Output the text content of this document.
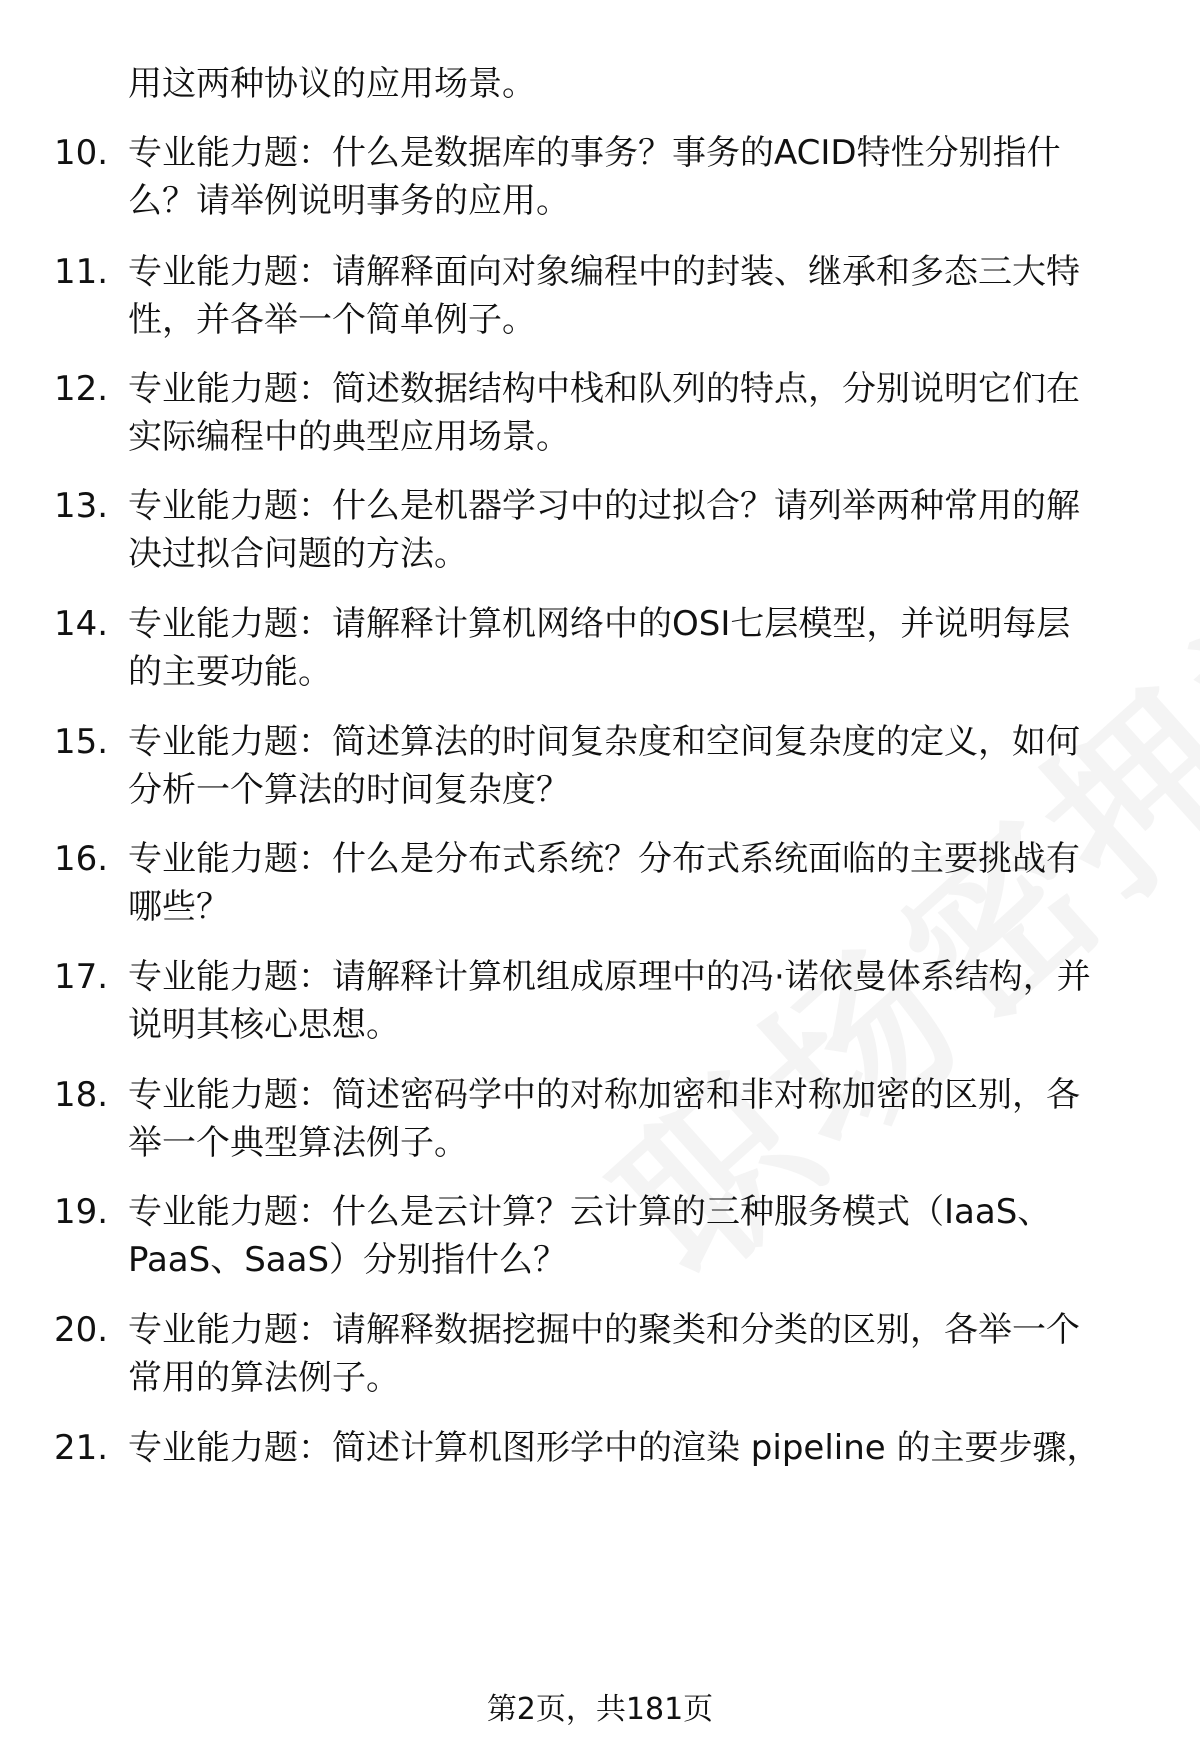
用这两种协议的应用场景。
10. 专业能力题：什么是数据库的事务？事务的ACID特性分别指什
么？请举例说明事务的应用。
11. 专业能力题：请解释面向对象编程中的封装、继承和多态三大特
性，并各举一个简单例子。
12. 专业能力题：简述数据结构中栈和队列的特点，分别说明它们在
实际编程中的典型应用场景。
13. 专业能力题：什么是机器学习中的过拟合？请列举两种常用的解
决过拟合问题的方法。
14. 专业能力题：请解释计算机网络中的OSI七层模型，并说明每层
的主要功能。
15. 专业能力题：简述算法的时间复杂度和空间复杂度的定义，如何
分析一个算法的时间复杂度？
16. 专业能力题：什么是分布式系统？分布式系统面临的主要挑战有
哪些？
17. 专业能力题：请解释计算机组成原理中的冯·诺依曼体系结构，并
说明其核心思想。
18. 专业能力题：简述密码学中的对称加密和非对称加密的区别，各
举一个典型算法例子。
19. 专业能力题：什么是云计算？云计算的三种服务模式（IaaS、
PaaS、SaaS）分别指什么？
20. 专业能力题：请解释数据挖掘中的聚类和分类的区别，各举一个
常用的算法例子。
21. 专业能力题：简述计算机图形学中的渲染 pipeline 的主要步骤，
第2页，共181页
